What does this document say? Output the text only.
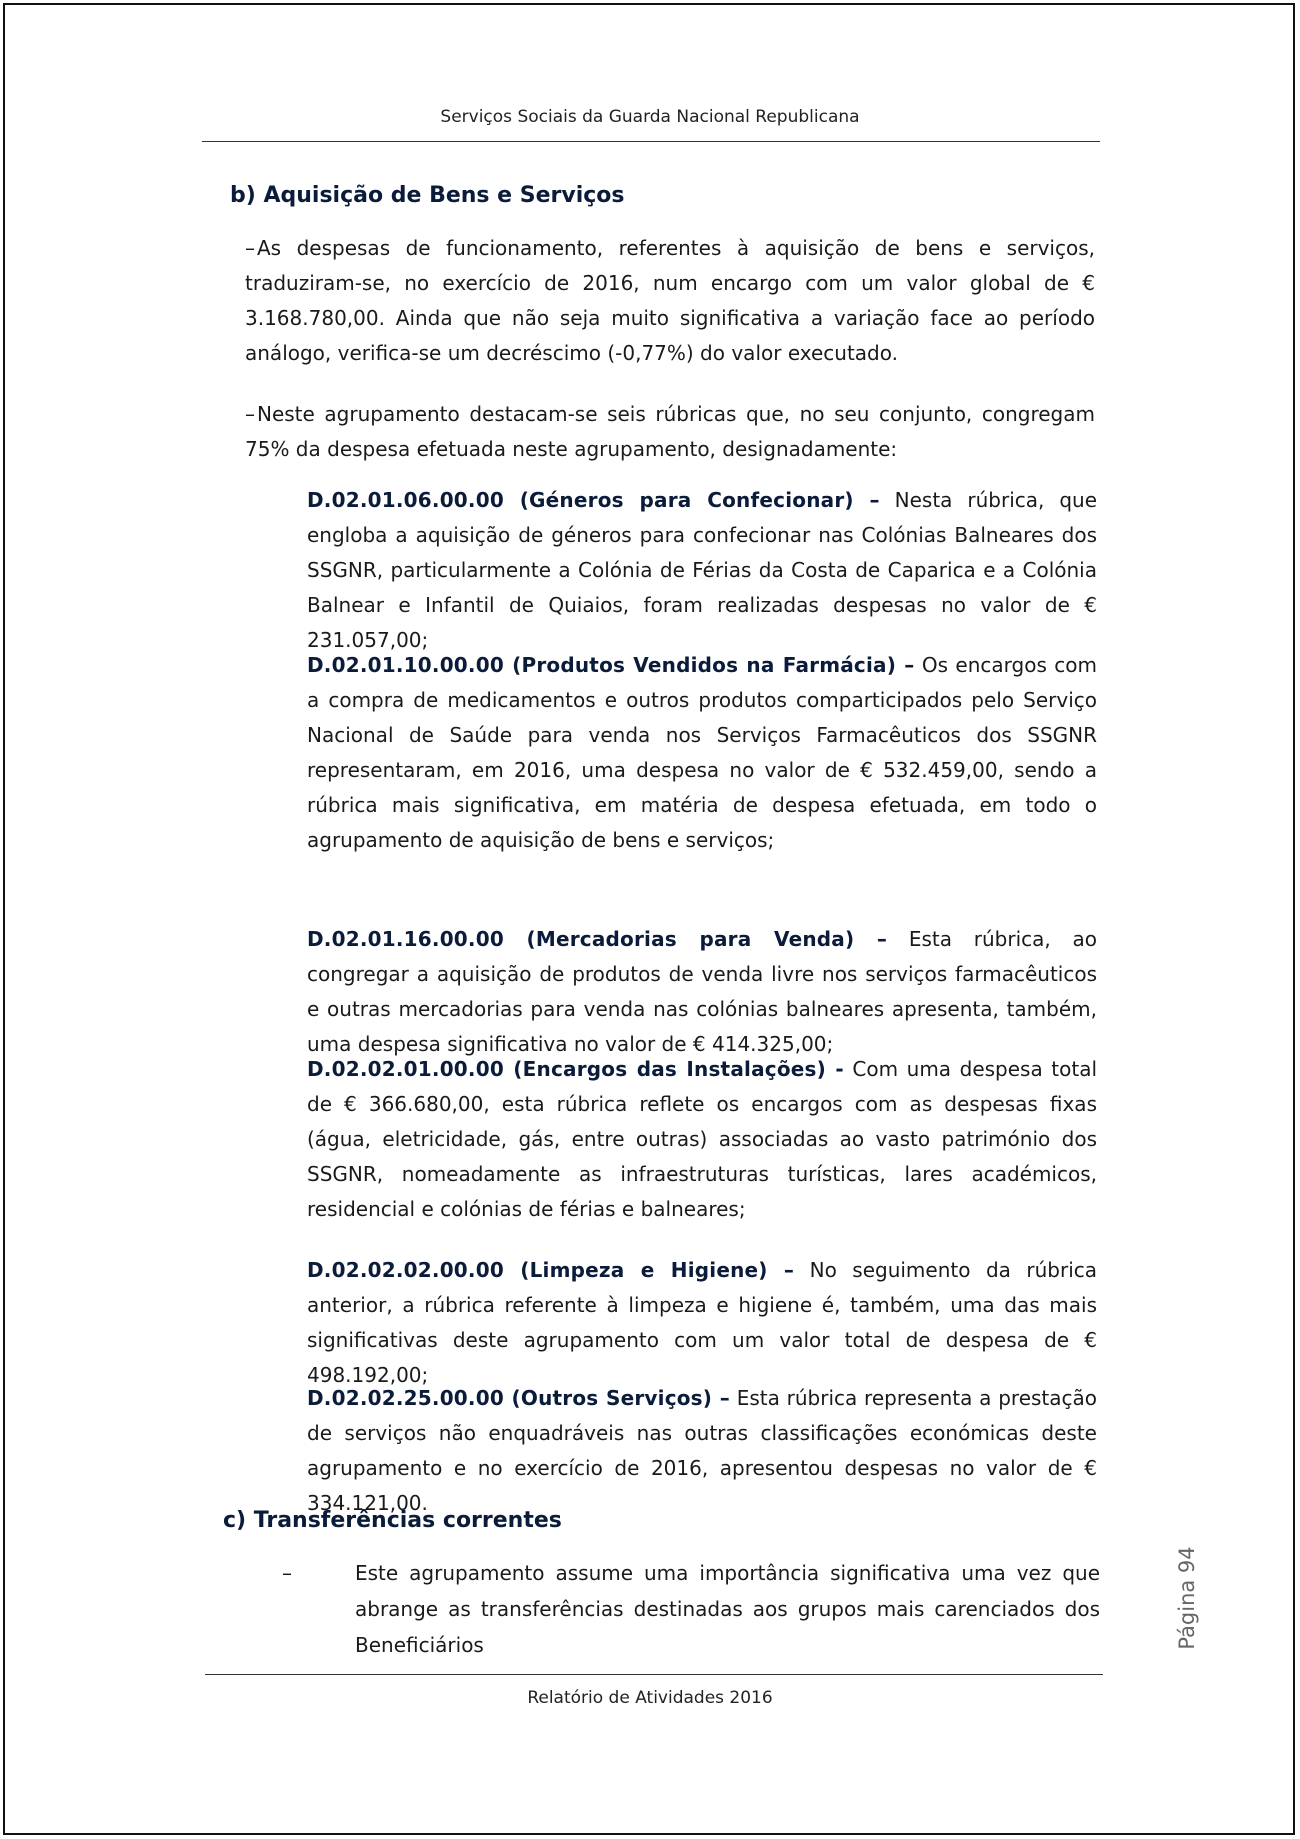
Serviços Sociais da Guarda Nacional Republicana
b) Aquisição de Bens e Serviços
– As despesas de funcionamento, referentes à aquisição de bens e serviços, traduziram-se, no exercício de 2016, num encargo com um valor global de € 3.168.780,00. Ainda que não seja muito significativa a variação face ao período análogo, verifica-se um decréscimo (-0,77%) do valor executado.
– Neste agrupamento destacam-se seis rúbricas que, no seu conjunto, congregam 75% da despesa efetuada neste agrupamento, designadamente:
D.02.01.06.00.00 (Géneros para Confecionar) – Nesta rúbrica, que engloba a aquisição de géneros para confecionar nas Colónias Balneares dos SSGNR, particularmente a Colónia de Férias da Costa de Caparica e a Colónia Balnear e Infantil de Quiaios, foram realizadas despesas no valor de € 231.057,00;
D.02.01.10.00.00 (Produtos Vendidos na Farmácia) – Os encargos com a compra de medicamentos e outros produtos comparticipados pelo Serviço Nacional de Saúde para venda nos Serviços Farmacêuticos dos SSGNR representaram, em 2016, uma despesa no valor de € 532.459,00, sendo a rúbrica mais significativa, em matéria de despesa efetuada, em todo o agrupamento de aquisição de bens e serviços;
D.02.01.16.00.00 (Mercadorias para Venda) – Esta rúbrica, ao congregar a aquisição de produtos de venda livre nos serviços farmacêuticos e outras mercadorias para venda nas colónias balneares apresenta, também, uma despesa significativa no valor de € 414.325,00;
D.02.02.01.00.00 (Encargos das Instalações) - Com uma despesa total de € 366.680,00, esta rúbrica reflete os encargos com as despesas fixas (água, eletricidade, gás, entre outras) associadas ao vasto património dos SSGNR, nomeadamente as infraestruturas turísticas, lares académicos, residencial e colónias de férias e balneares;
D.02.02.02.00.00 (Limpeza e Higiene) – No seguimento da rúbrica anterior, a rúbrica referente à limpeza e higiene é, também, uma das mais significativas deste agrupamento com um valor total de despesa de € 498.192,00;
D.02.02.25.00.00 (Outros Serviços) – Esta rúbrica representa a prestação de serviços não enquadráveis nas outras classificações económicas deste agrupamento e no exercício de 2016, apresentou despesas no valor de € 334.121,00.
c) Transferências correntes
–	Este agrupamento assume uma importância significativa uma vez que abrange as transferências destinadas aos grupos mais carenciados dos Beneficiários	Página 94
Relatório de Atividades 2016
